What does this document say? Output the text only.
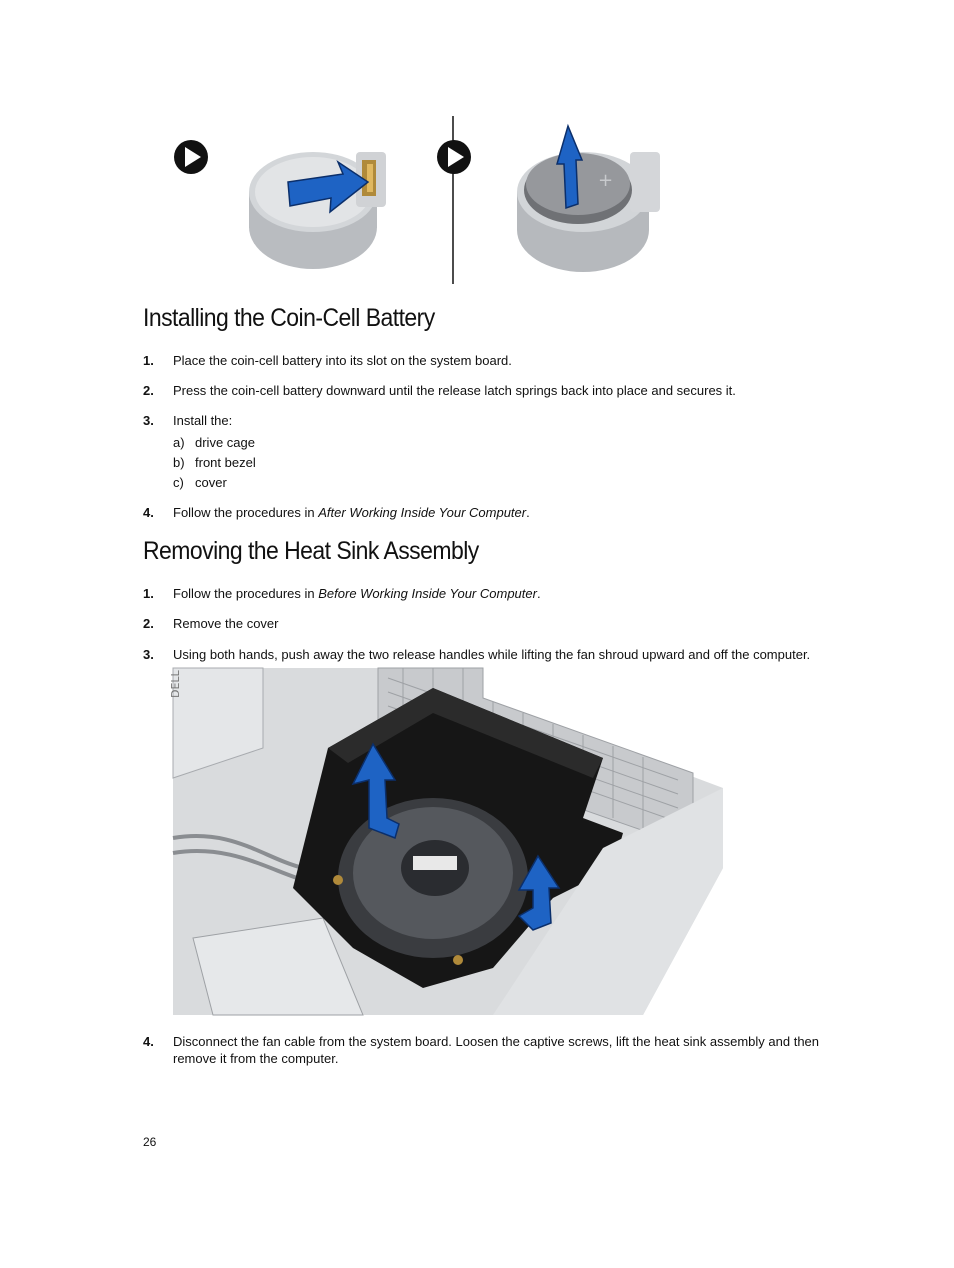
+
Installing the Coin-Cell Battery
1. Place the coin-cell battery into its slot on the system board.
2. Press the coin-cell battery downward until the release latch springs back into place and secures it.
3. Install the:
a) drive cage
b) front bezel
c) cover
4. Follow the procedures in After Working Inside Your Computer.
Removing the Heat Sink Assembly
1. Follow the procedures in Before Working Inside Your Computer.
2. Remove the cover
3. Using both hands, push away the two release handles while lifting the fan shroud upward and off the computer.
DELL
4. Disconnect the fan cable from the system board. Loosen the captive screws, lift the heat sink assembly and then remove it from the computer.
26
